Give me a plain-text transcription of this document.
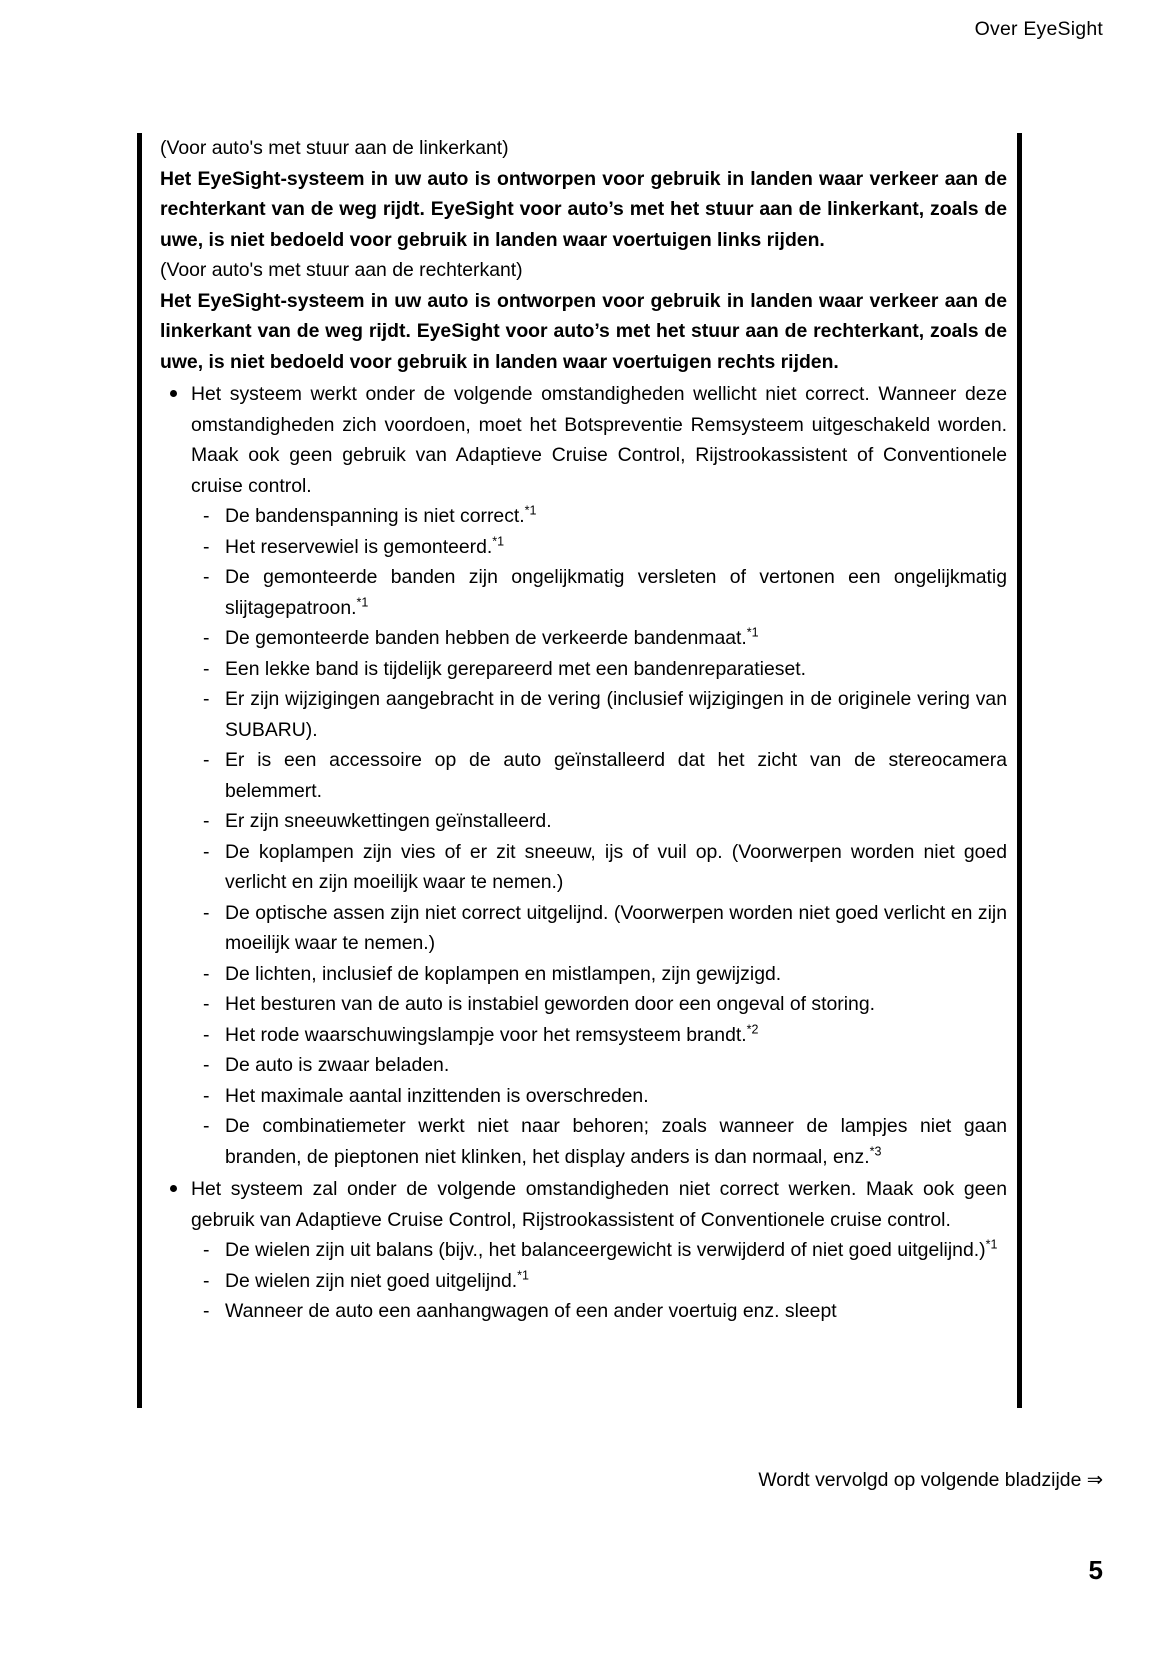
Over EyeSight

(Voor auto's met stuur aan de linkerkant)

Het EyeSight-systeem in uw auto is ontworpen voor gebruik in landen waar verkeer aan de rechterkant van de weg rijdt. EyeSight voor auto’s met het stuur aan de linkerkant, zoals de uwe, is niet bedoeld voor gebruik in landen waar voertuigen links rijden.

(Voor auto's met stuur aan de rechterkant)

Het EyeSight-systeem in uw auto is ontworpen voor gebruik in landen waar verkeer aan de linkerkant van de weg rijdt. EyeSight voor auto’s met het stuur aan de rechterkant, zoals de uwe, is niet bedoeld voor gebruik in landen waar voertuigen rechts rijden.

Het systeem werkt onder de volgende omstandigheden wellicht niet correct. Wanneer deze omstandigheden zich voordoen, moet het Botspreventie Remsysteem uitgeschakeld worden. Maak ook geen gebruik van Adaptieve Cruise Control, Rijstrookassistent of Conventionele cruise control.
- De bandenspanning is niet correct.$^{*1}$
- Het reservewiel is gemonteerd.$^{*1}$
- De gemonteerde banden zijn ongelijkmatig versleten of vertonen een ongelijkmatig slijtagepatroon.$^{*1}$
- De gemonteerde banden hebben de verkeerde bandenmaat.$^{*1}$
- Een lekke band is tijdelijk gerepareerd met een bandenreparatieset.
- Er zijn wijzigingen aangebracht in de vering (inclusief wijzigingen in de originele vering van SUBARU).
- Er is een accessoire op de auto geïnstalleerd dat het zicht van de stereocamera belemmert.
- Er zijn sneeuwkettingen geïnstalleerd.
- De koplampen zijn vies of er zit sneeuw, ijs of vuil op. (Voorwerpen worden niet goed verlicht en zijn moeilijk waar te nemen.)
- De optische assen zijn niet correct uitgelijnd. (Voorwerpen worden niet goed verlicht en zijn moeilijk waar te nemen.)
- De lichten, inclusief de koplampen en mistlampen, zijn gewijzigd.
- Het besturen van de auto is instabiel geworden door een ongeval of storing.
- Het rode waarschuwingslampje voor het remsysteem brandt.$^{*2}$
- De auto is zwaar beladen.
- Het maximale aantal inzittenden is overschreden.
- De combinatiemeter werkt niet naar behoren; zoals wanneer de lampjes niet gaan branden, de pieptonen niet klinken, het display anders is dan normaal, enz.$^{*3}$
Het systeem zal onder de volgende omstandigheden niet correct werken. Maak ook geen gebruik van Adaptieve Cruise Control, Rijstrookassistent of Conventionele cruise control.
- De wielen zijn uit balans (bijv., het balanceergewicht is verwijderd of niet goed uitgelijnd.)$^{*1}$
- De wielen zijn niet goed uitgelijnd.$^{*1}$
- Wanneer de auto een aanhangwagen of een ander voertuig enz. sleept
Wordt vervolgd op volgende bladzijde ⇒
5
